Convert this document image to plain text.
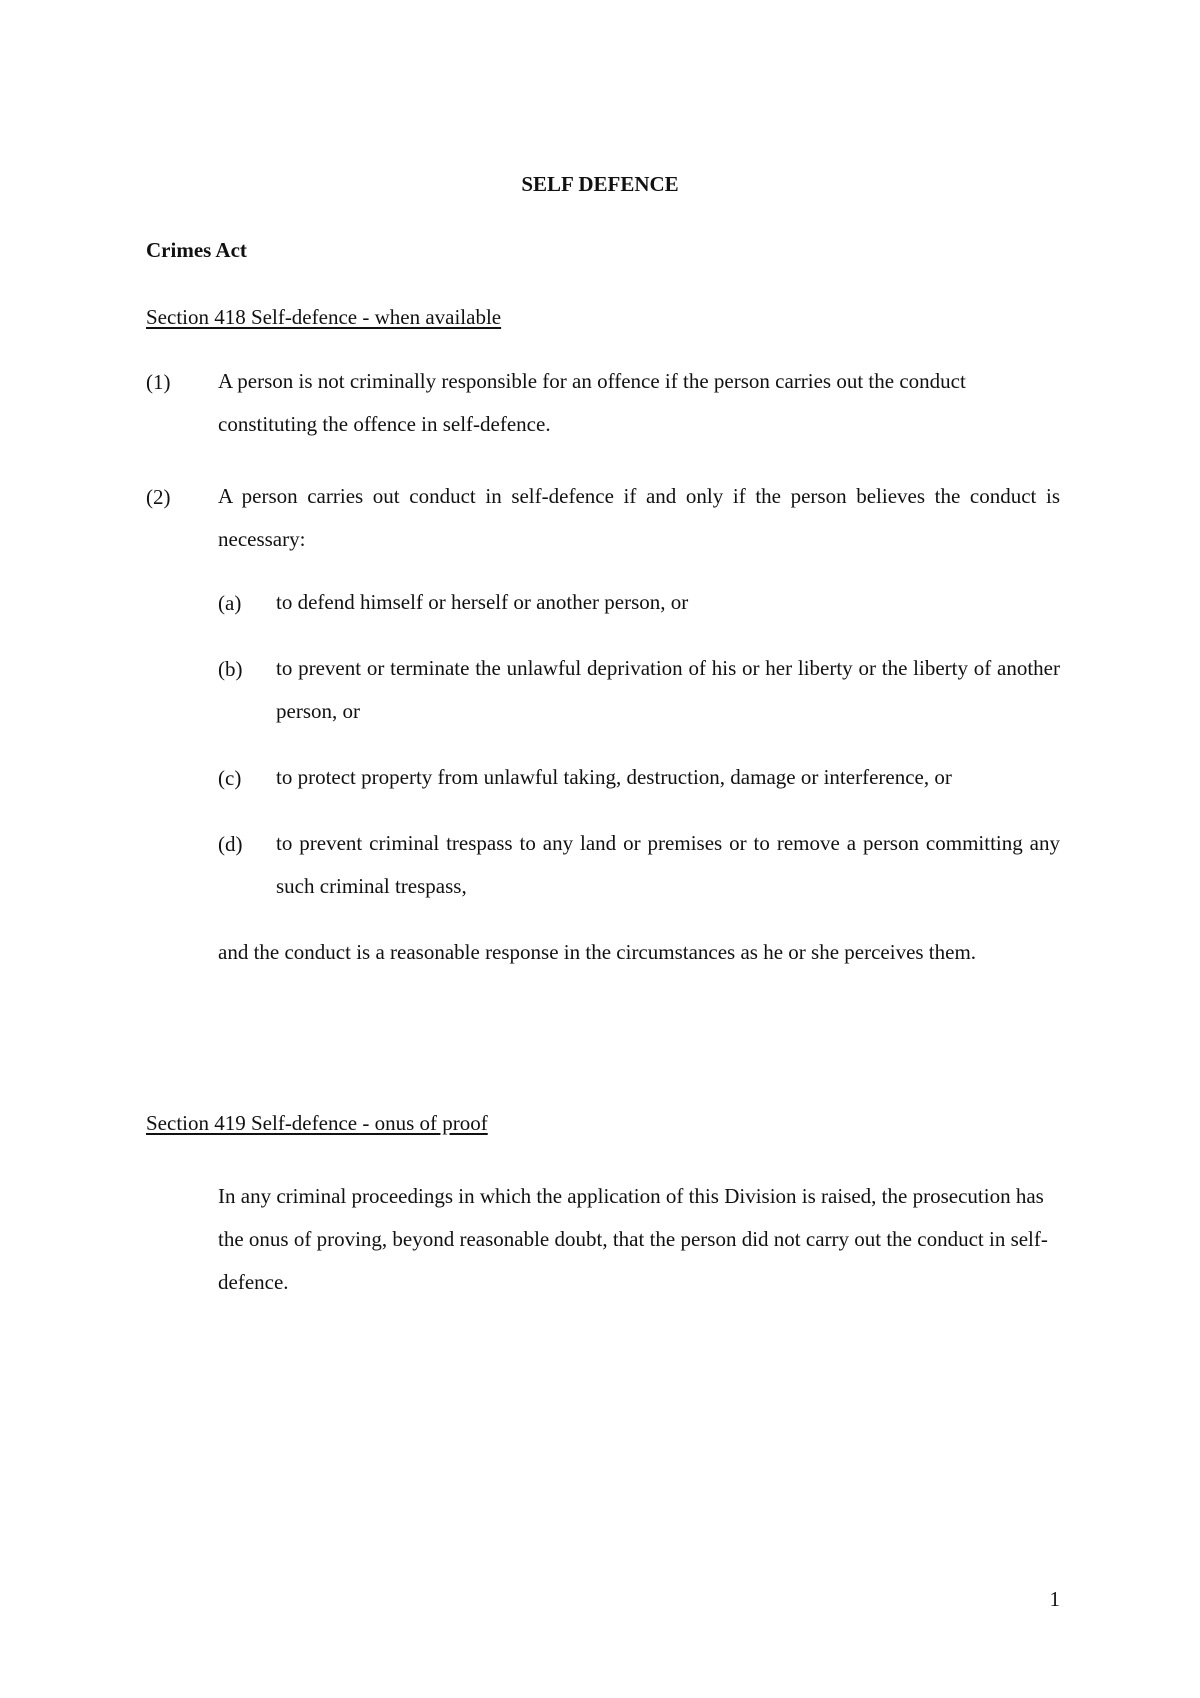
SELF DEFENCE
Crimes Act
Section 418 Self-defence - when available
(1) A person is not criminally responsible for an offence if the person carries out the conduct constituting the offence in self-defence.
(2) A person carries out conduct in self-defence if and only if the person believes the conduct is necessary:
(a) to defend himself or herself or another person, or
(b) to prevent or terminate the unlawful deprivation of his or her liberty or the liberty of another person, or
(c) to protect property from unlawful taking, destruction, damage or interference, or
(d) to prevent criminal trespass to any land or premises or to remove a person committing any such criminal trespass,
and the conduct is a reasonable response in the circumstances as he or she perceives them.
Section 419 Self-defence - onus of proof
In any criminal proceedings in which the application of this Division is raised, the prosecution has the onus of proving, beyond reasonable doubt, that the person did not carry out the conduct in self-defence.
1
